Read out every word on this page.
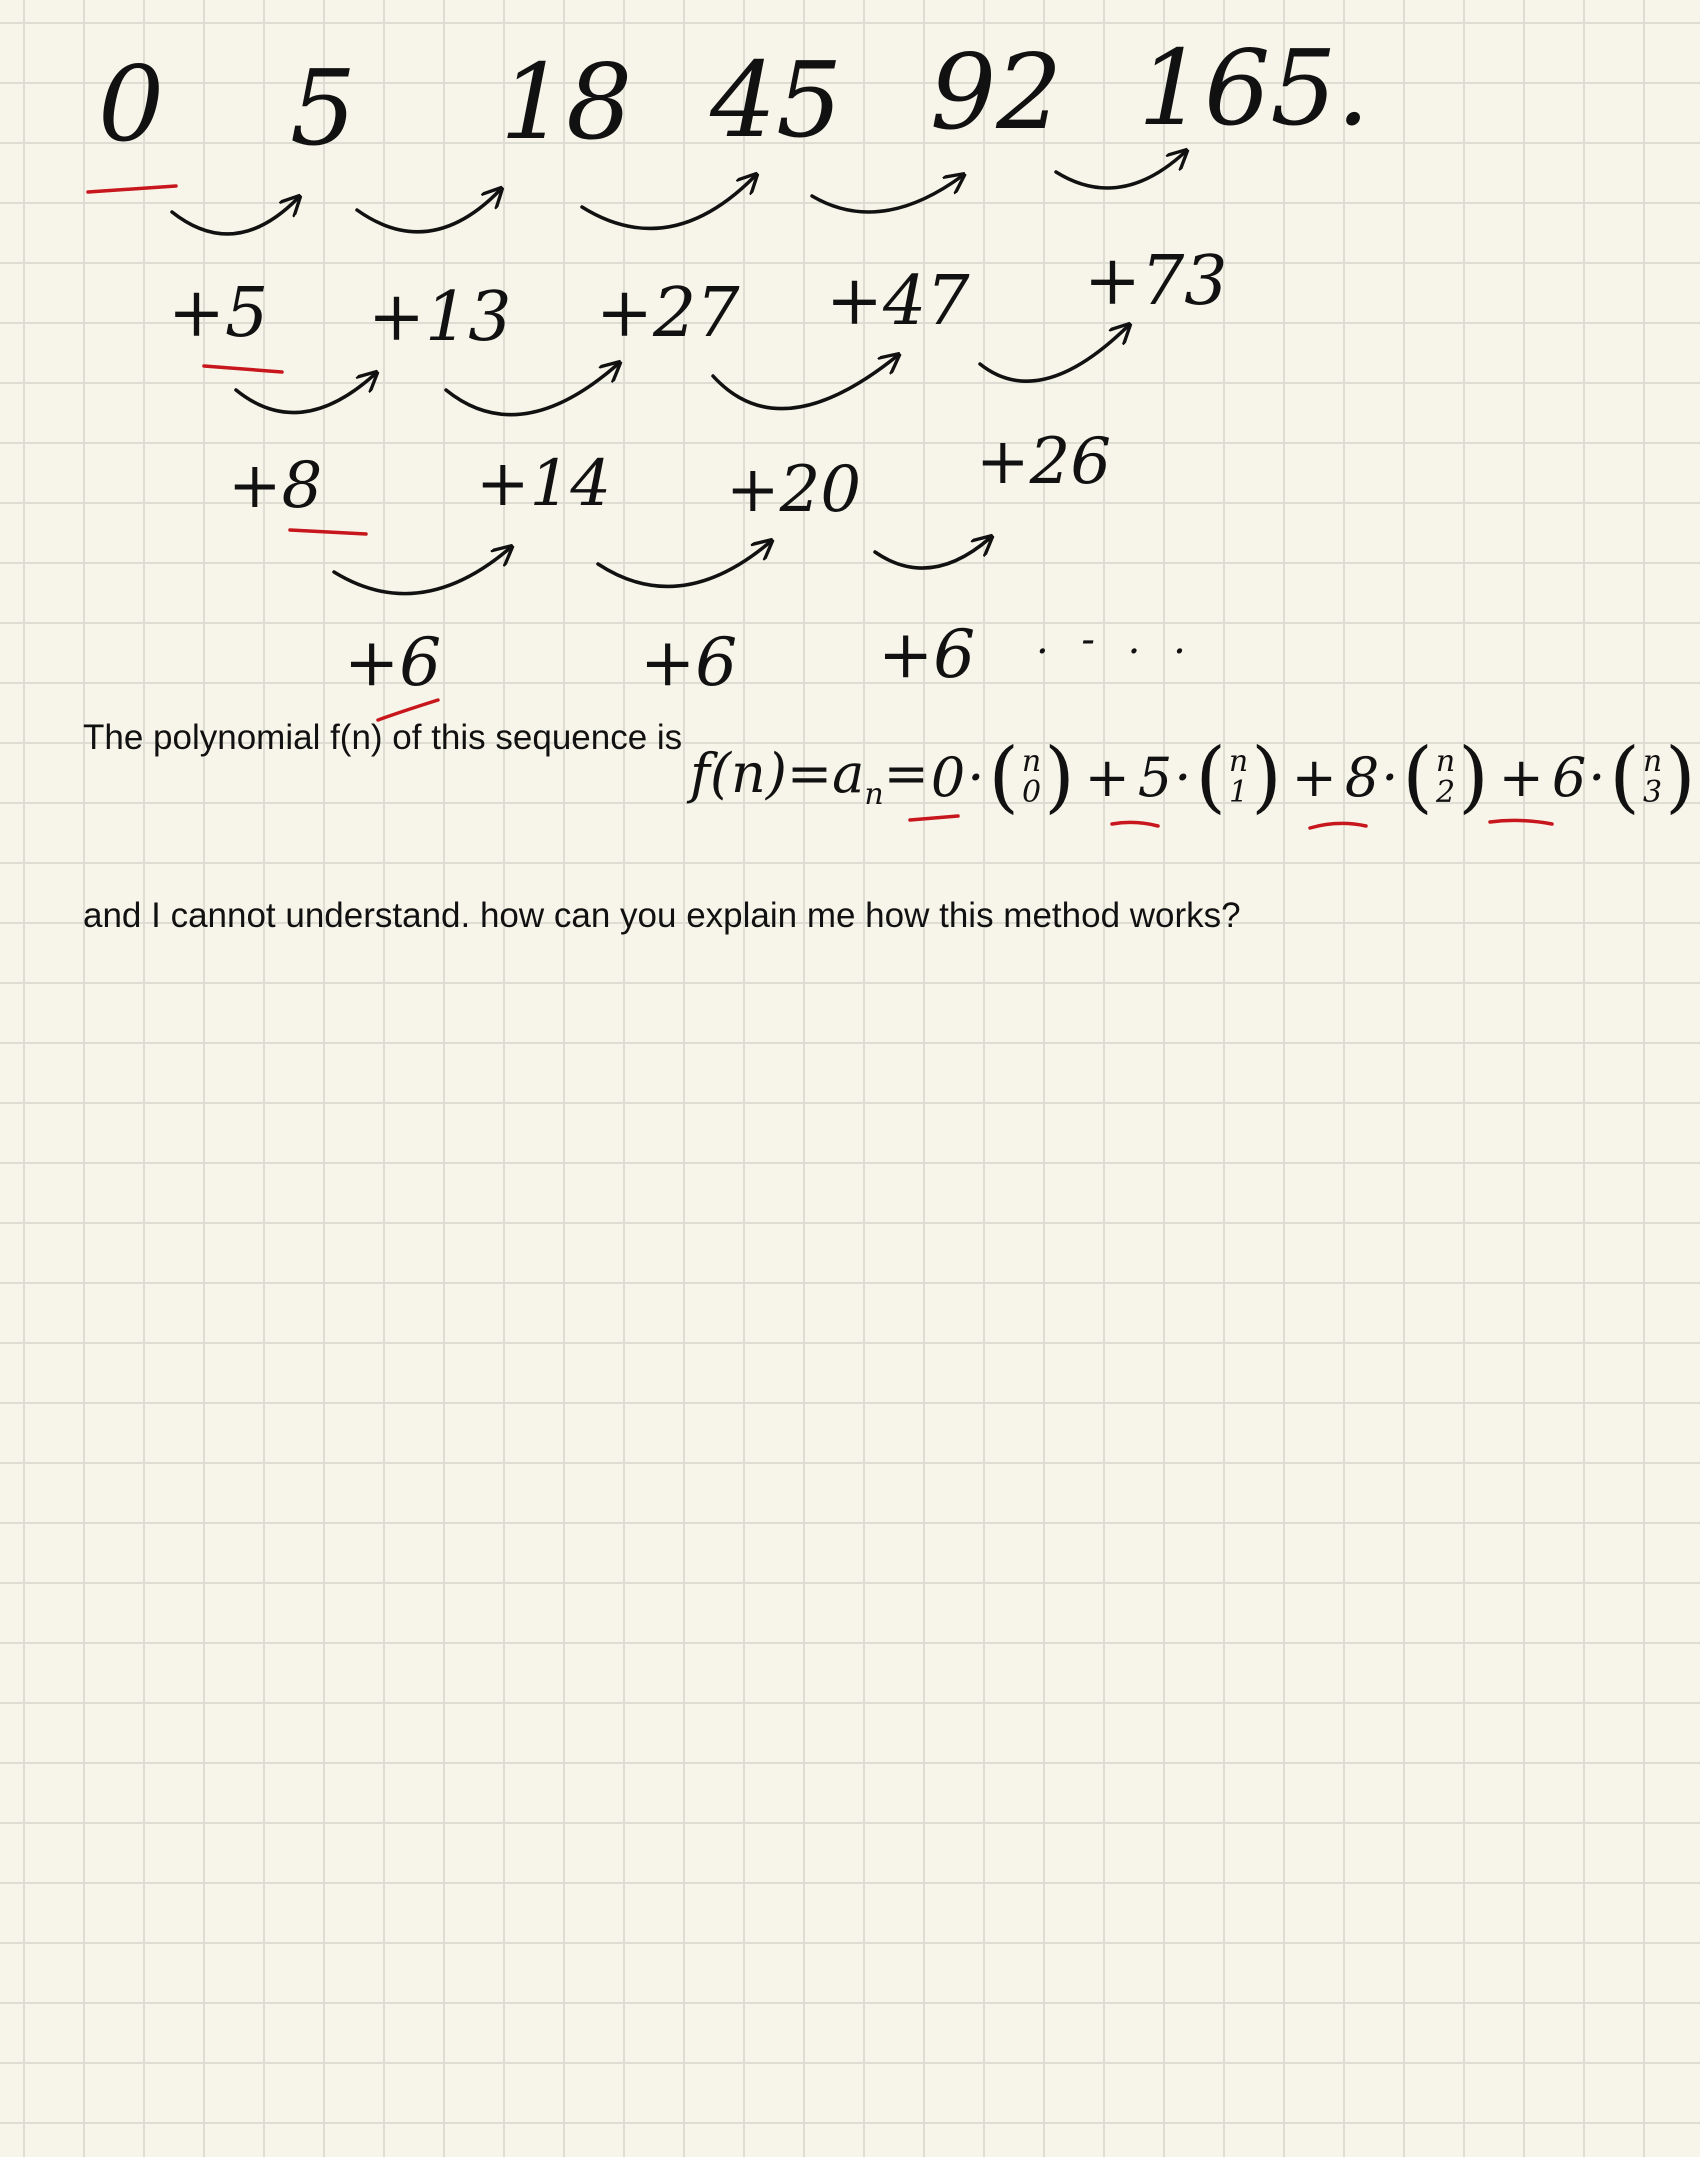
0 5 18 45 92 165.
+5 +13 +27 +47 +73
+8 +14 +20 +26
+6	+6 +6 . - . .
The polynomial f(n) of this sequence is
$f(n)=a_n= 0$ · ( n
0 ) + 5 · ( n
1 ) + 8 · ( n
2 ) + 6 · ( n
3 )
and I cannot understand. how can you explain me how this method works?
